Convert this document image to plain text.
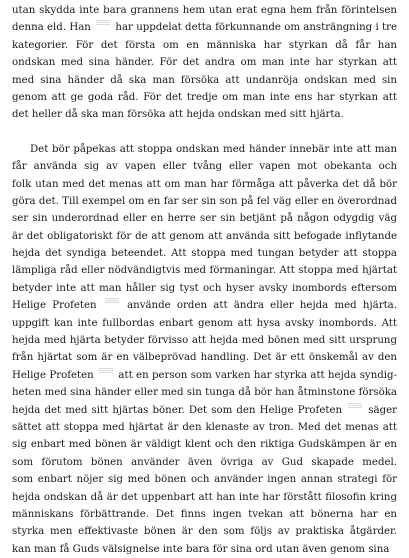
utan skydda inte bara grannens hem utan erat egna hem från förintelsen
denna eld. Han  har uppdelat detta förkunnande om ansträngning i tre
kategorier. För det första om en människa har styrkan då får han
ondskan med sina händer. För det andra om man inte har styrkan att
med sina händer då ska man försöka att undanröja ondskan med sin
genom att ge goda råd. För det tredje om man inte ens har styrkan att
det heller då ska man försöka att hejda ondskan med sitt hjärta.
Det bör påpekas att stoppa ondskan med händer innebär inte att man
får använda sig av vapen eller tvång eller vapen mot obekanta och
folk utan med det menas att om man har förmåga att påverka det då bör
göra det. Till exempel om en far ser sin son på fel väg eller en överordnad
ser sin underordnad eller en herre ser sin betjänt på någon odygdig väg
är det obligatoriskt för de att genom att använda sitt befogade inflytande
hejda det syndiga beteendet. Att stoppa med tungan betyder att stoppa
lämpliga råd eller nödvändigtvis med förmaningar. Att stoppa med hjärtat
betyder inte att man håller sig tyst och hyser avsky inombords eftersom
Helige Profeten  använde orden att ändra eller hejda med hjärta.
uppgift kan inte fullbordas enbart genom att hysa avsky inombords. Att
hejda med hjärta betyder förvisso att hejda med bönen med sitt ursprung
från hjärtat som är en välbeprövad handling. Det är ett önskemål av den
Helige Profeten  att en person som varken har styrka att hejda syndig-
heten med sina händer eller med sin tunga då bör han åtminstone försöka
hejda det med sitt hjärtas böner. Det som den Helige Profeten  säger
sättet att stoppa med hjärtat är den klenaste av tron. Med det menas att
sig enbart med bönen är väldigt klent och den riktiga Gudskämpen är en
som förutom bönen använder även övriga av Gud skapade medel.
som enbart nöjer sig med bönen och använder ingen annan strategi för
hejda ondskan då är det uppenbart att han inte har förstått filosofin kring
människans förbättrande. Det finns ingen tvekan att bönerna har en
styrka men effektivaste bönen är den som följs av praktiska åtgärder.
kan man få Guds välsignelse inte bara för sina ord utan även genom sina
